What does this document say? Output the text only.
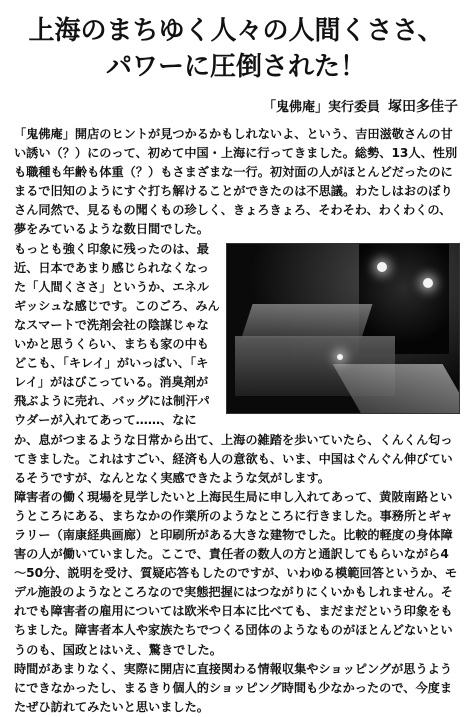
上海のまちゆく人々の人間くささ、
パワーに圧倒された！
「鬼佛庵」実行委員 塚田多佳子

「鬼佛庵」開店のヒントが見つかるかもしれないよ、という、吉田滋敬さんの甘い誘い（？）にのって、初めて中国・上海に行ってきました。総勢、13人、性別も職種も年齢も体重（？）もさまざまな一行。初対面の人がほとんどだったのにまるで旧知のようにすぐ打ち解けることができたのは不思議。わたしはおのぼりさん同然で、見るもの聞くもの珍しく、きょろきょろ、そわそわ、わくわくの、夢をみているような数日間でした。

もっとも強く印象に残ったのは、最近、日本であまり感じられなくなった「人間くささ」というか、エネルギッシュな感じです。このごろ、みんなスマートで洗剤会社の陰謀じゃないかと思うくらい、まちも家の中もどこも、「キレイ」がいっぱい、「キレイ」がはびこっている。消臭剤が飛ぶように売れ、バッグには制汗パウダーが入れてあって……、なにか、息がつまるような日常から出て、上海の雑踏を歩いていたら、くんくん匂ってきました。これはすごい、経済も人の意欲も、いま、中国はぐんぐん伸びているそうですが、なんとなく実感できたような気がします。

障害者の働く現場を見学したいと上海民生局に申し入れてあって、黄陂南路というところにある、まちなかの作業所のようなところに行きました。事務所とギャラリー（南康経典画廊）と印刷所がある大きな建物でした。比較的軽度の身体障害の人が働いていました。ここで、責任者の数人の方と通訳してもらいながら4～50分、説明を受け、質疑応答もしたのですが、いわゆる模範回答というか、モデル施設のようなところなので実態把握にはつながりにくいかもしれません。それでも障害者の雇用については欧米や日本に比べても、まだまだという印象をもちました。障害者本人や家族たちでつくる団体のようなものがほとんどないというのも、国政とはいえ、驚きでした。

時間があまりなく、実際に開店に直接関わる情報収集やショッピングが思うようにできなかったし、まるきり個人的ショッピング時間も少なかったので、今度またぜひ訪れてみたいと思いました。
